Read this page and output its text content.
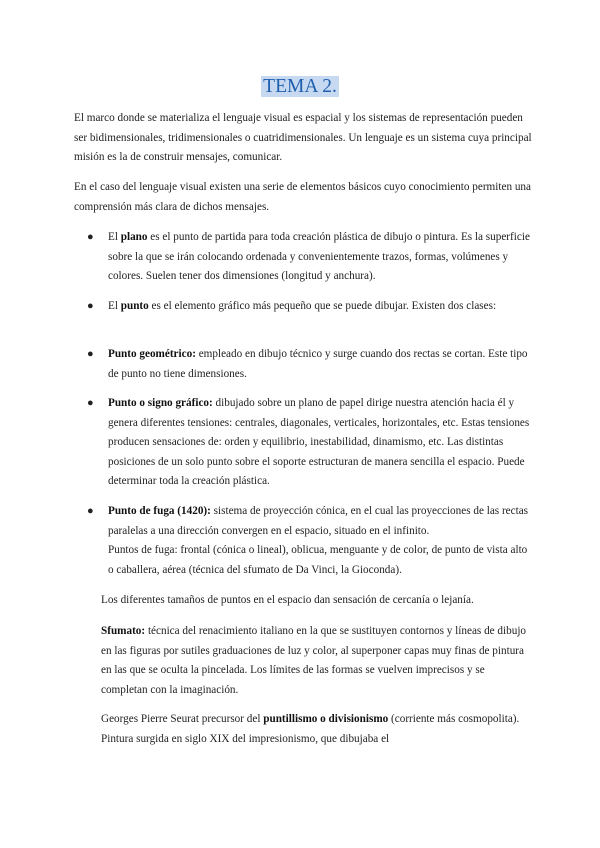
TEMA 2.

El marco donde se materializa el lenguaje visual es espacial y los sistemas de representación pueden ser bidimensionales, tridimensionales o cuatridimensionales. Un lenguaje es un sistema cuya principal misión es la de construir mensajes, comunicar.

En el caso del lenguaje visual existen una serie de elementos básicos cuyo conocimiento permiten una comprensión más clara de dichos mensajes.

● El plano es el punto de partida para toda creación plástica de dibujo o pintura. Es la superficie sobre la que se irán colocando ordenada y convenientemente trazos, formas, volúmenes y colores. Suelen tener dos dimensiones (longitud y anchura).

● El punto es el elemento gráfico más pequeño que se puede dibujar. Existen dos clases:

● Punto geométrico: empleado en dibujo técnico y surge cuando dos rectas se cortan. Este tipo de punto no tiene dimensiones.

● Punto o signo gráfico: dibujado sobre un plano de papel dirige nuestra atención hacia él y genera diferentes tensiones: centrales, diagonales, verticales, horizontales, etc. Estas tensiones producen sensaciones de: orden y equilibrio, inestabilidad, dinamismo, etc. Las distintas posiciones de un solo punto sobre el soporte estructuran de manera sencilla el espacio. Puede determinar toda la creación plástica.

● Punto de fuga (1420): sistema de proyección cónica, en el cual las proyecciones de las rectas paralelas a una dirección convergen en el espacio, situado en el infinito.
Puntos de fuga: frontal (cónica o lineal), oblicua, menguante y de color, de punto de vista alto o caballera, aérea (técnica del sfumato de Da Vinci, la Gioconda).

Los diferentes tamaños de puntos en el espacio dan sensación de cercanía o lejanía.

Sfumato: técnica del renacimiento italiano en la que se sustituyen contornos y líneas de dibujo en las figuras por sutiles graduaciones de luz y color, al superponer capas muy finas de pintura en las que se oculta la pincelada. Los límites de las formas se vuelven imprecisos y se completan con la imaginación.

Georges Pierre Seurat precursor del puntillismo o divisionismo (corriente más cosmopolita). Pintura surgida en siglo XIX del impresionismo, que dibujaba el
